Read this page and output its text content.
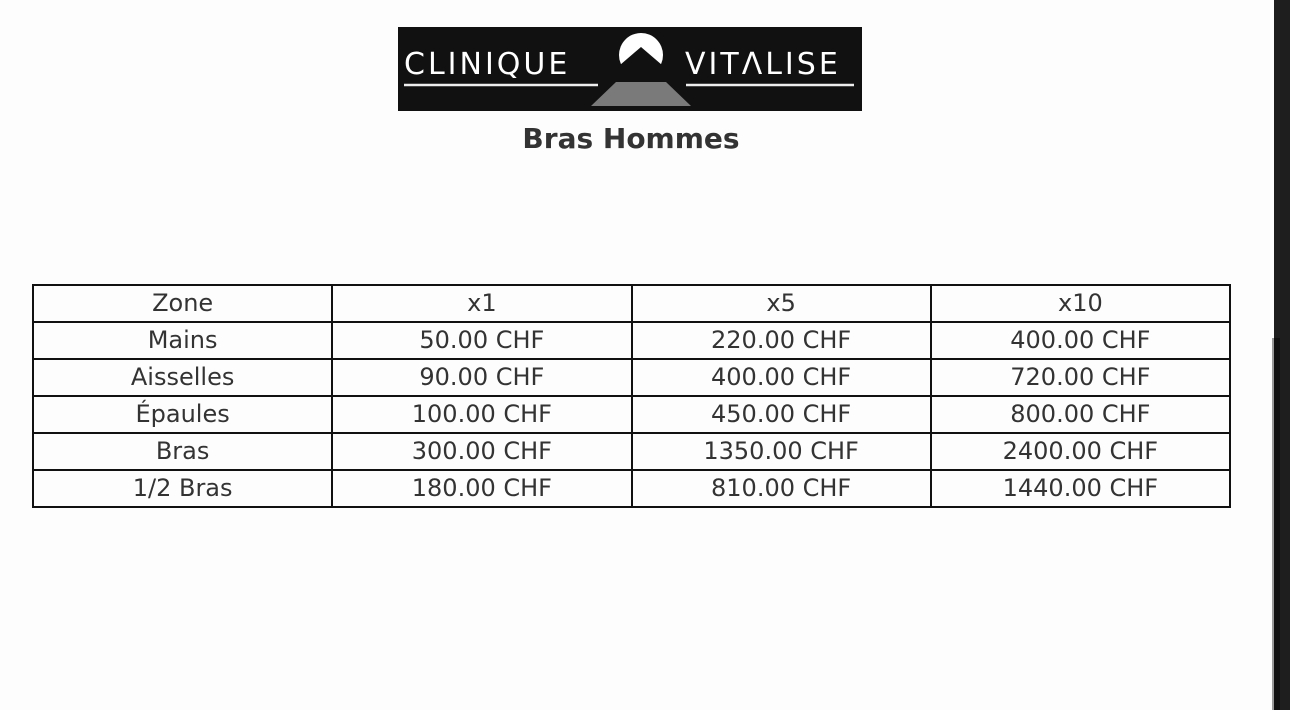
CLINIQUE	VITΛLISE
Bras Hommes
Zone	x1	x5	x10
Mains	50.00 CHF	220.00 CHF	400.00 CHF
Aisselles	90.00 CHF	400.00 CHF	720.00 CHF
Épaules	100.00 CHF	450.00 CHF	800.00 CHF
Bras	300.00 CHF	1350.00 CHF	2400.00 CHF
1/2 Bras	180.00 CHF	810.00 CHF	1440.00 CHF
